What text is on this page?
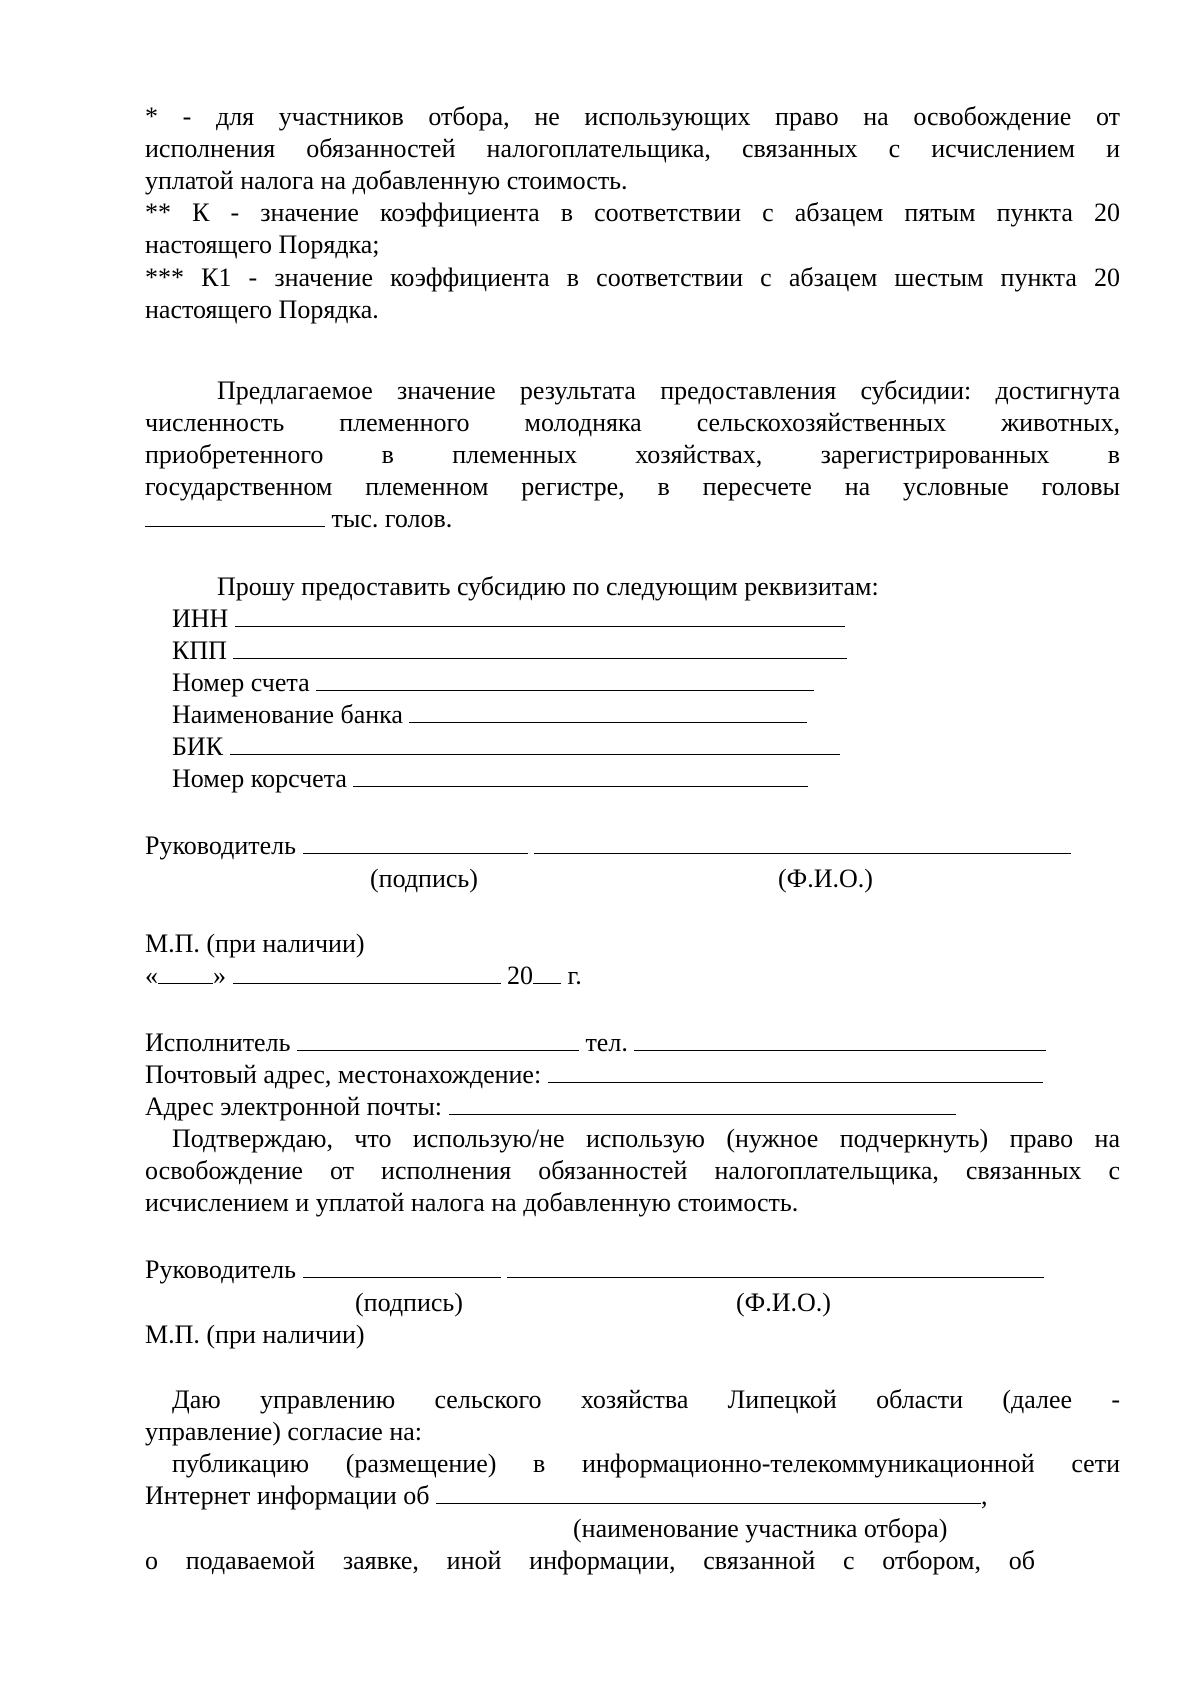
* - для участников отбора, не использующих право на освобождение от
исполнения обязанностей налогоплательщика, связанных с исчислением и
уплатой налога на добавленную стоимость.
** К - значение коэффициента в соответствии с абзацем пятым пункта 20
настоящего Порядка;
*** К1 - значение коэффициента в соответствии с абзацем шестым пункта 20
настоящего Порядка.
Предлагаемое значение результата предоставления субсидии: достигнута
численность племенного молодняка сельскохозяйственных животных,
приобретенного в племенных хозяйствах, зарегистрированных в
государственном племенном регистре, в пересчете на условные головы
тыс. голов.
Прошу предоставить субсидию по следующим реквизитам:
ИНН
КПП
Номер счета
Наименование банка
БИК
Номер корсчета
Руководитель
(подпись)	(Ф.И.О.)
М.П. (при наличии)
« »	20 г.
Исполнитель	тел.
Почтовый адрес, местонахождение:
Адрес электронной почты:
Подтверждаю, что использую/не использую (нужное подчеркнуть) право на
освобождение от исполнения обязанностей налогоплательщика, связанных с
исчислением и уплатой налога на добавленную стоимость.
Руководитель
(подпись)	(Ф.И.О.)
М.П. (при наличии)
Даю управлению сельского хозяйства Липецкой области (далее -
управление) согласие на:
публикацию (размещение) в информационно-телекоммуникационной сети
Интернет информации об	,
(наименование участника отбора)
о подаваемой заявке, иной информации, связанной с отбором, об
